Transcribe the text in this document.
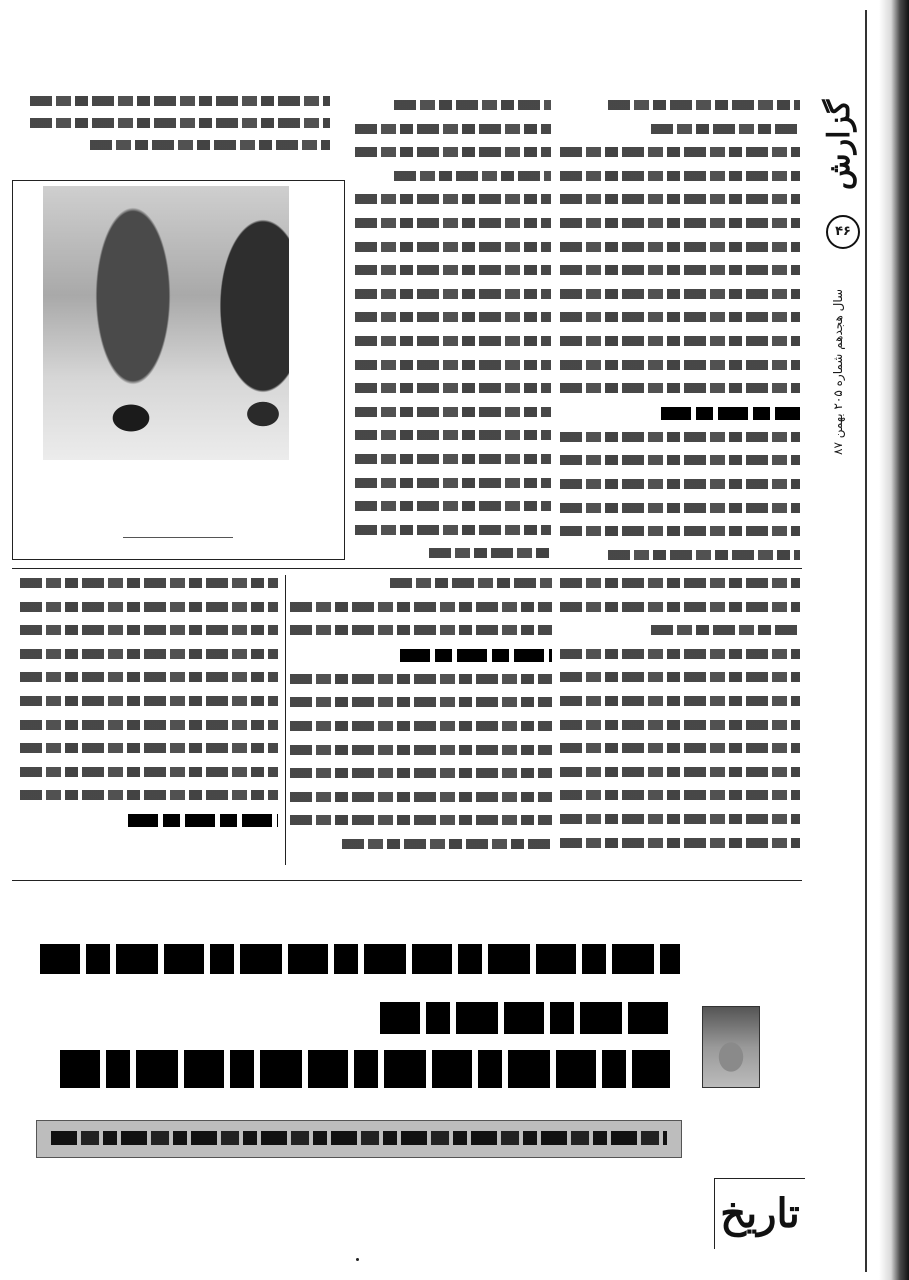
گزارش
۴۶
سال هجدهم شماره ۲۰۵ بهمن ۸۷
تاریخ
